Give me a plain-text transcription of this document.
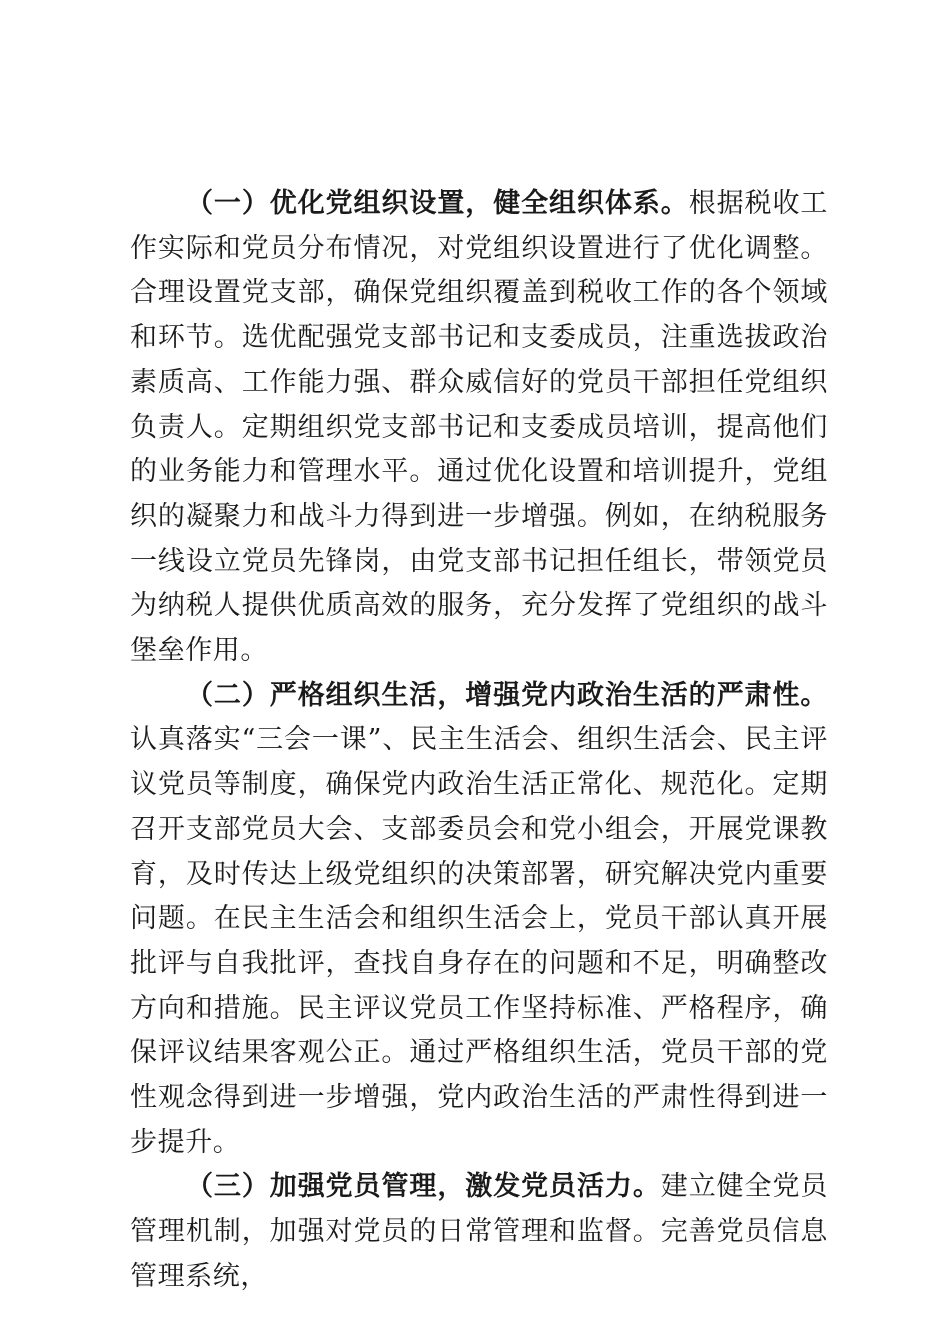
（一）优化党组织设置，健全组织体系。根据税收工作实际和党员分布情况，对党组织设置进行了优化调整。合理设置党支部，确保党组织覆盖到税收工作的各个领域和环节。选优配强党支部书记和支委成员，注重选拔政治素质高、工作能力强、群众威信好的党员干部担任党组织负责人。定期组织党支部书记和支委成员培训，提高他们的业务能力和管理水平。通过优化设置和培训提升，党组织的凝聚力和战斗力得到进一步增强。例如，在纳税服务一线设立党员先锋岗，由党支部书记担任组长，带领党员为纳税人提供优质高效的服务，充分发挥了党组织的战斗堡垒作用。

（二）严格组织生活，增强党内政治生活的严肃性。认真落实“三会一课”、民主生活会、组织生活会、民主评议党员等制度，确保党内政治生活正常化、规范化。定期召开支部党员大会、支部委员会和党小组会，开展党课教育，及时传达上级党组织的决策部署，研究解决党内重要问题。在民主生活会和组织生活会上，党员干部认真开展批评与自我批评，查找自身存在的问题和不足，明确整改方向和措施。民主评议党员工作坚持标准、严格程序，确保评议结果客观公正。通过严格组织生活，党员干部的党性观念得到进一步增强，党内政治生活的严肃性得到进一步提升。

（三）加强党员管理，激发党员活力。建立健全党员管理机制，加强对党员的日常管理和监督。完善党员信息管理系统，
